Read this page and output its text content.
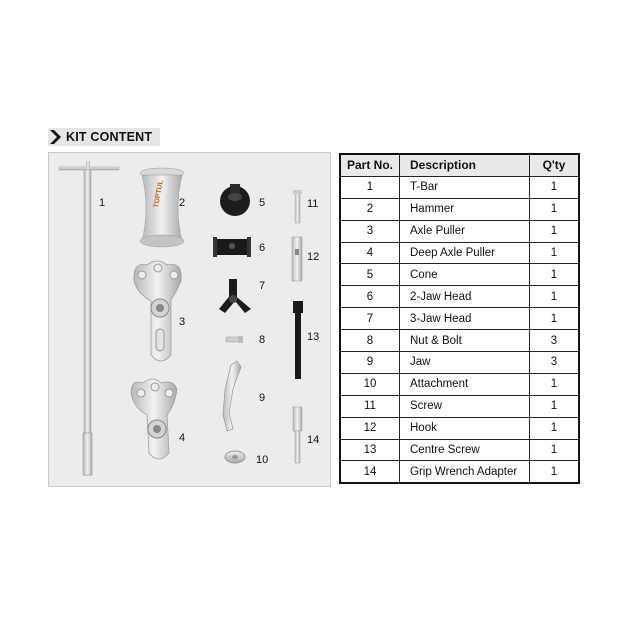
KIT CONTENT
TOPTUL
1	2
3
4
5
6
7
8
9
10
11
12
13
14
Part No.	Description	Q'ty
1	T-Bar	1
2	Hammer	1
3	Axle Puller	1
4	Deep Axle Puller	1
5	Cone	1
6	2-Jaw Head	1
7	3-Jaw Head	1
8	Nut & Bolt	3
9	Jaw	3
10	Attachment	1
11	Screw	1
12	Hook	1
13	Centre Screw	1
14	Grip Wrench Adapter	1
